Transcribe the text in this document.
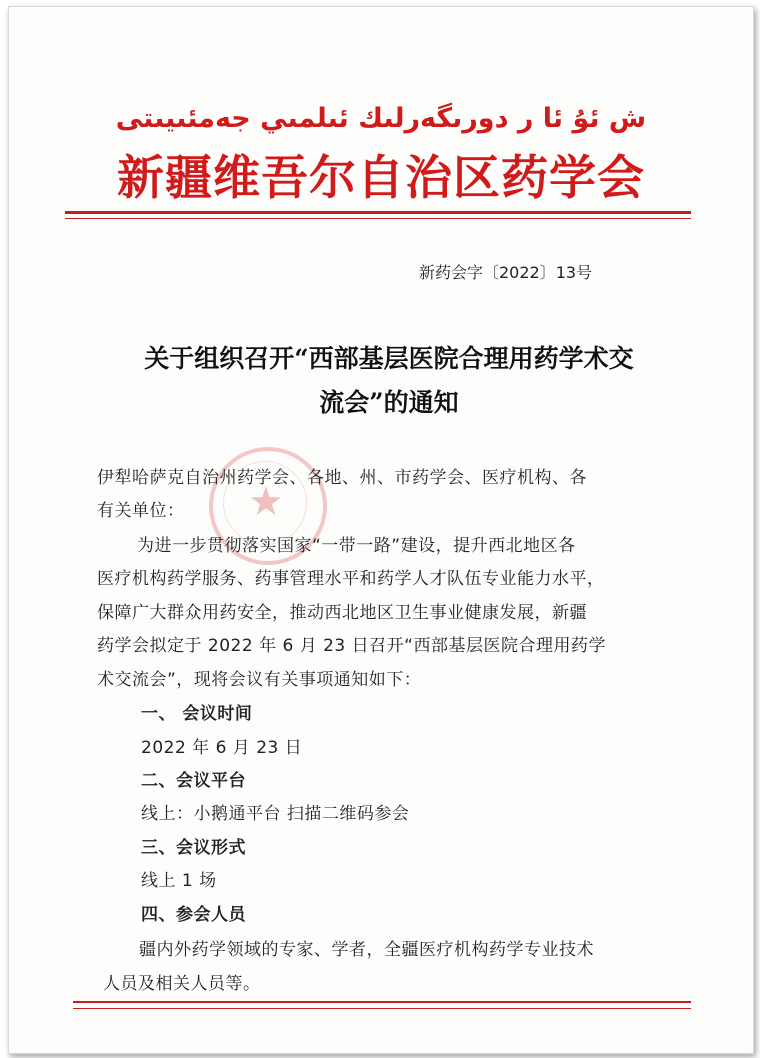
ش ئۇ ئا ر دورىگەرلىك ئىلمىي جەمئىيىتى
新疆维吾尔自治区药学会
新药会字〔2022〕13号
关于组织召开“西部基层医院合理用药学术交
流会”的通知
★
伊犁哈萨克自治州药学会、各地、州、市药学会、医疗机构、各
有关单位：
为进一步贯彻落实国家“一带一路”建设，提升西北地区各
医疗机构药学服务、药事管理水平和药学人才队伍专业能力水平，
保障广大群众用药安全，推动西北地区卫生事业健康发展，新疆
药学会拟定于 2022 年 6 月 23 日召开“西部基层医院合理用药学
术交流会”，现将会议有关事项通知如下：
一、 会议时间
2022 年 6 月 23 日
二、会议平台
线上：小鹅通平台 扫描二维码参会
三、会议形式
线上 1 场
四、参会人员
疆内外药学领域的专家、学者，全疆医疗机构药学专业技术
人员及相关人员等。
